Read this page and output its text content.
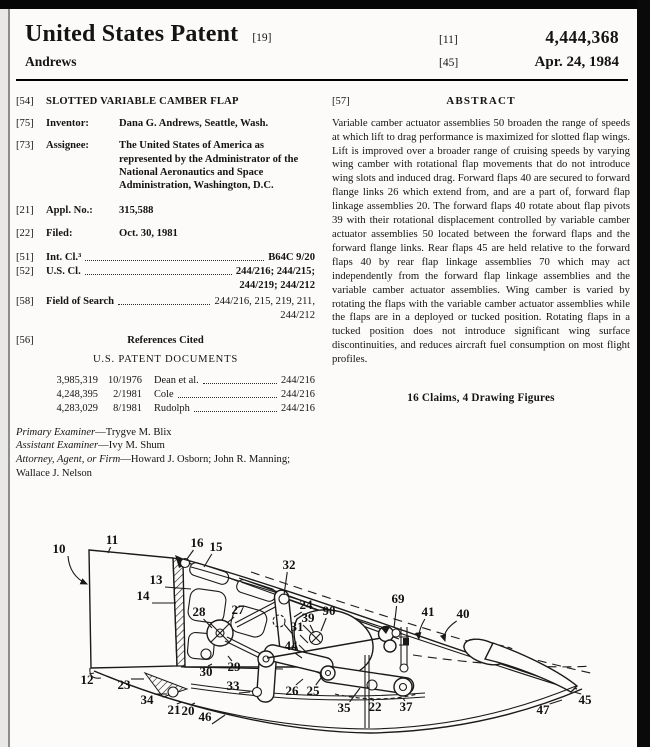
United States Patent [19]
Andrews
[11]	4,444,368
[45]	Apr. 24, 1984
[54]	SLOTTED VARIABLE CAMBER FLAP
[75]	Inventor:	Dana G. Andrews, Seattle, Wash.
[73]	Assignee:	The United States of America as represented by the Administrator of the National Aeronautics and Space Administration, Washington, D.C.
[21]	Appl. No.:	315,588
[22]	Filed:	Oct. 30, 1981
[51]	Int. Cl.³	B64C 9/20
[52]	U.S. Cl.	244/216; 244/215;
244/219; 244/212
[58]	Field of Search	244/216, 215, 219, 211,
244/212
[56]	References Cited
U.S. PATENT DOCUMENTS
3,985,319 10/1976 Dean et al.	244/216
4,248,395	2/1981 Cole	244/216
4,283,029	8/1981 Rudolph	244/216
Primary Examiner—Trygve M. Blix
Assistant Examiner—Ivy M. Shum
Attorney, Agent, or Firm—Howard J. Osborn; John R. Manning; Wallace J. Nelson
[57]	ABSTRACT
Variable camber actuator assemblies 50 broaden the range of speeds at which lift to drag performance is maximized for slotted flap wings. Lift is improved over a broader range of cruising speeds by varying wing camber with rotational flap movements that do not introduce wing slots and induced drag. Forward flaps 40 are secured to forward flange links 26 which extend from, and are a part of, forward flap linkage assemblies 20. The forward flaps 40 rotate about flap pivots 39 with their rotational displacement controlled by variable camber actuator assemblies 50 located between the forward flaps and the forward flange links. Rear flaps 45 are held relative to the forward flaps 40 by rear flap linkage assemblies 70 which may act independently from the forward flap linkage assemblies and the variable camber actuator assemblies. Wing camber is varied by rotating the flaps with the variable camber actuator assemblies while the flaps are in a deployed or tucked position. Rotating flaps in a tucked position does not introduce significant wing surface discontinuities, and reduces aircraft fuel consumption on most flight profiles.
16 Claims, 4 Drawing Figures
10
11	16 15
13
14
32
28 27	24
39 90
31
69
41 40
44
29
30
12 23	33	26 25
34
21 20 46
35 22 37	45
47
